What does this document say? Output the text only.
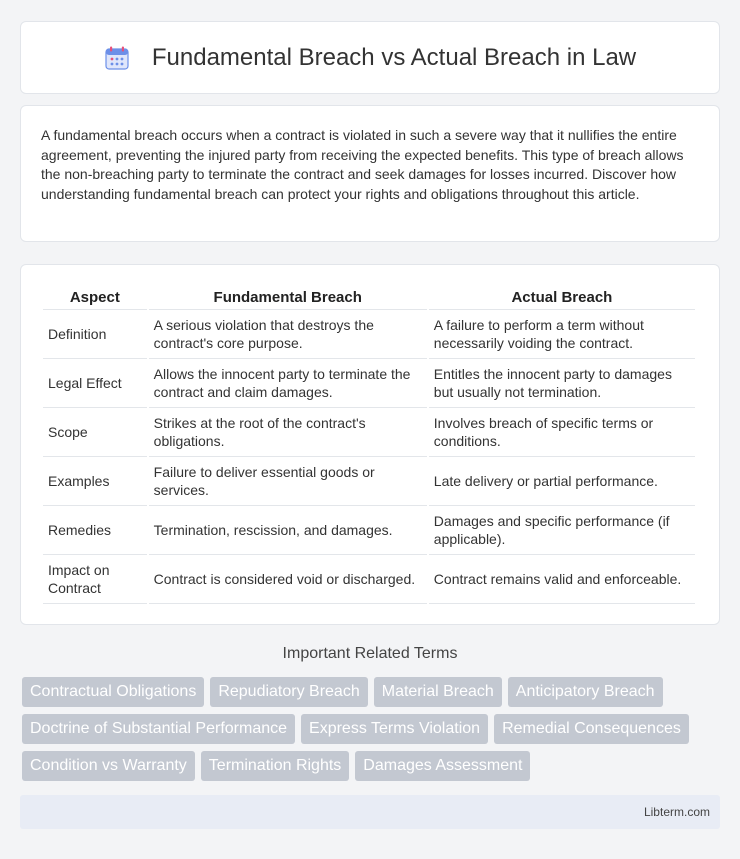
Fundamental Breach vs Actual Breach in Law

A fundamental breach occurs when a contract is violated in such a severe way that it nullifies the entire agreement, preventing the injured party from receiving the expected benefits. This type of breach allows the non-breaching party to terminate the contract and seek damages for losses incurred. Discover how understanding fundamental breach can protect your rights and obligations throughout this article.

Aspect	Fundamental Breach	Actual Breach
Definition	A serious violation that destroys the contract's core purpose.	A failure to perform a term without necessarily voiding the contract.
Legal Effect	Allows the innocent party to terminate the contract and claim damages.	Entitles the innocent party to damages but usually not termination.
Scope	Strikes at the root of the contract's obligations.	Involves breach of specific terms or conditions.
Examples	Failure to deliver essential goods or services.	Late delivery or partial performance.
Remedies	Termination, rescission, and damages.	Damages and specific performance (if applicable).
Impact on Contract	Contract is considered void or discharged.	Contract remains valid and enforceable.
Important Related Terms
Contractual Obligations	Repudiatory Breach	Material Breach	Anticipatory Breach
Doctrine of Substantial Performance	Express Terms Violation	Remedial Consequences
Condition vs Warranty	Termination Rights	Damages Assessment
Libterm.com
